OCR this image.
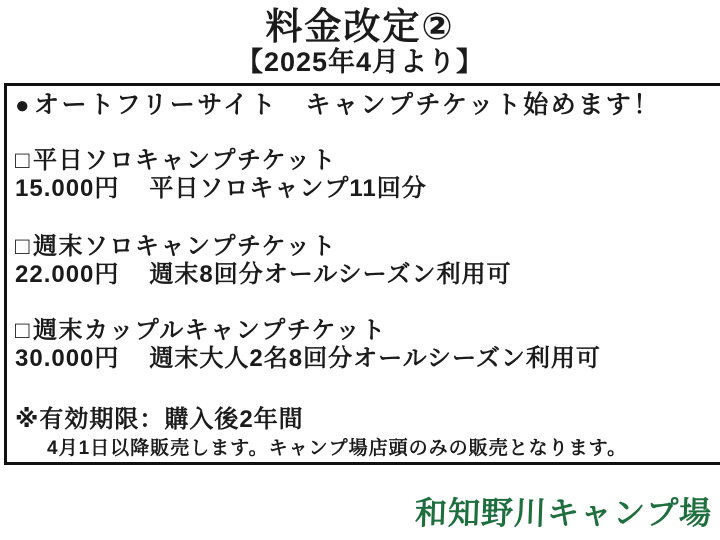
料金改定②
【2025年4月より】
●オートフリーサイト　キャンプチケット始めます！
□平日ソロキャンプチケット
15.000円 平日ソロキャンプ11回分
□週末ソロキャンプチケット
22.000円 週末8回分オールシーズン利用可
□週末カップルキャンプチケット
30.000円 週末大人2名8回分オールシーズン利用可
※有効期限：購入後2年間
4月1日以降販売します。キャンプ場店頭のみの販売となります。
和知野川キャンプ場
